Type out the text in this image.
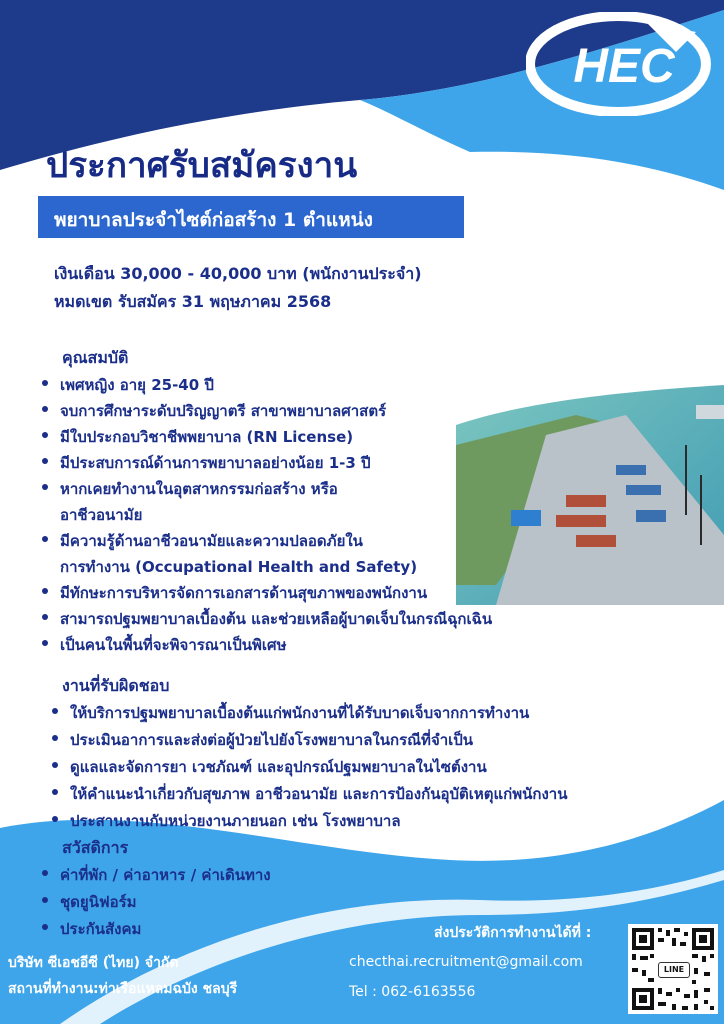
HEC
ประกาศรับสมัครงาน
พยาบาลประจำไซต์ก่อสร้าง 1 ตำแหน่ง
เงินเดือน 30,000 - 40,000 บาท (พนักงานประจำ)
หมดเขต รับสมัคร 31 พฤษภาคม 2568
คุณสมบัติ
เพศหญิง อายุ 25-40 ปี
จบการศึกษาระดับปริญญาตรี สาขาพยาบาลศาสตร์
มีใบประกอบวิชาชีพพยาบาล (RN License)
มีประสบการณ์ด้านการพยาบาลอย่างน้อย 1-3 ปี
หากเคยทำงานในอุตสาหกรรมก่อสร้าง หรือ
อาชีวอนามัย
มีความรู้ด้านอาชีวอนามัยและความปลอดภัยใน
การทำงาน (Occupational Health and Safety)
มีทักษะการบริหารจัดการเอกสารด้านสุขภาพของพนักงาน
สามารถปฐมพยาบาลเบื้องต้น และช่วยเหลือผู้บาดเจ็บในกรณีฉุกเฉิน
เป็นคนในพื้นที่จะพิจารณาเป็นพิเศษ
งานที่รับผิดชอบ
ให้บริการปฐมพยาบาลเบื้องต้นแก่พนักงานที่ได้รับบาดเจ็บจากการทำงาน
ประเมินอาการและส่งต่อผู้ป่วยไปยังโรงพยาบาลในกรณีที่จำเป็น
ดูแลและจัดการยา เวชภัณฑ์ และอุปกรณ์ปฐมพยาบาลในไซต์งาน
ให้คำแนะนำเกี่ยวกับสุขภาพ อาชีวอนามัย และการป้องกันอุบัติเหตุแก่พนักงาน
ประสานงานกับหน่วยงานภายนอก เช่น โรงพยาบาล
สวัสดิการ
ค่าที่พัก / ค่าอาหาร / ค่าเดินทาง
ชุดยูนิฟอร์ม
ประกันสังคม
บริษัท ซีเอชอีซี (ไทย) จำกัด
สถานที่ทำงาน:ท่าเรือแหลมฉบัง ชลบุรี
ส่งประวัติการทำงานได้ที่ :
checthai.recruitment@gmail.com
Tel : 062-6163556
LINE
